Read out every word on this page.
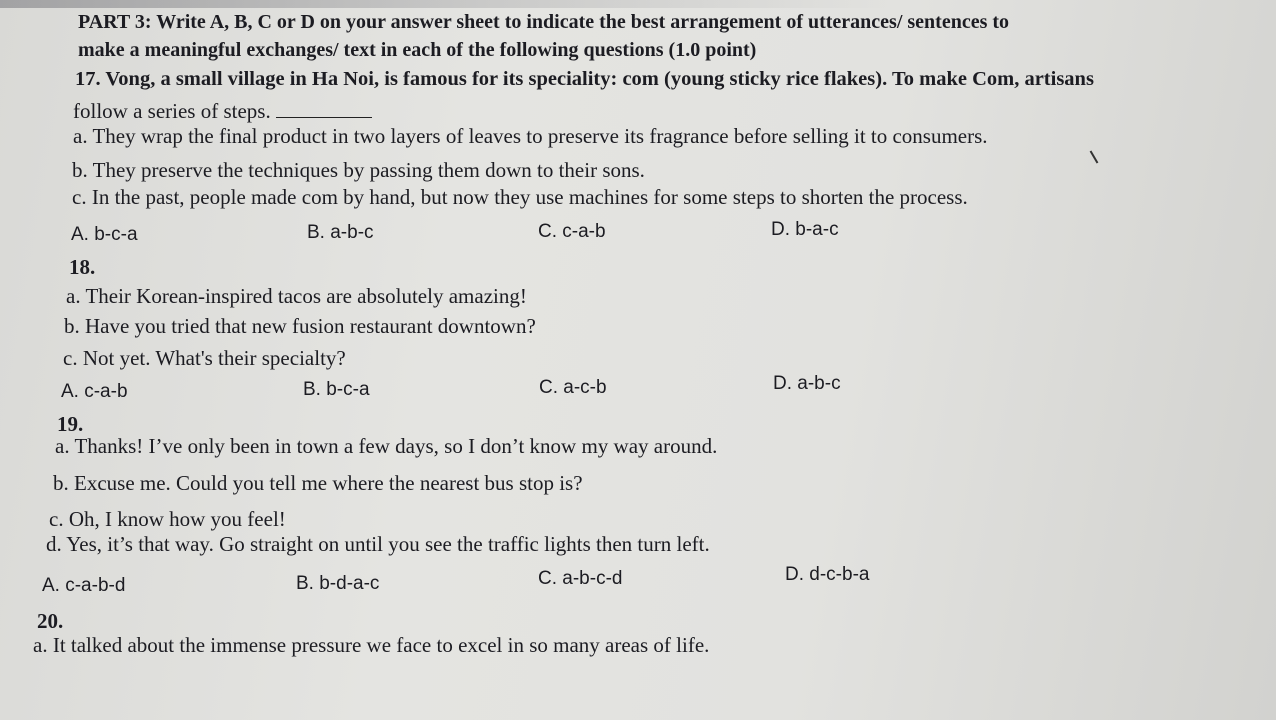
PART 3: Write A, B, C or D on your answer sheet to indicate the best arrangement of utterances/ sentences to
make a meaningful exchanges/ text in each of the following questions (1.0 point)
17. Vong, a small village in Ha Noi, is famous for its speciality: com (young sticky rice flakes). To make Com, artisans
follow a series of steps.
a. They wrap the final product in two layers of leaves to preserve its fragrance before selling it to consumers.
b. They preserve the techniques by passing them down to their sons.
c. In the past, people made com by hand, but now they use machines for some steps to shorten the process.
A. b-c-a	B. a-b-c	C. c-a-b	D. b-a-c
18.
a. Their Korean-inspired tacos are absolutely amazing!
b. Have you tried that new fusion restaurant downtown?
c. Not yet. What's their specialty?
A. c-a-b	B. b-c-a	C. a-c-b	D. a-b-c
19.
a. Thanks! I’ve only been in town a few days, so I don’t know my way around.
b. Excuse me. Could you tell me where the nearest bus stop is?
c. Oh, I know how you feel!
d. Yes, it’s that way. Go straight on until you see the traffic lights then turn left.
A. c-a-b-d	B. b-d-a-c	C. a-b-c-d	D. d-c-b-a
20.
a. It talked about the immense pressure we face to excel in so many areas of life.
